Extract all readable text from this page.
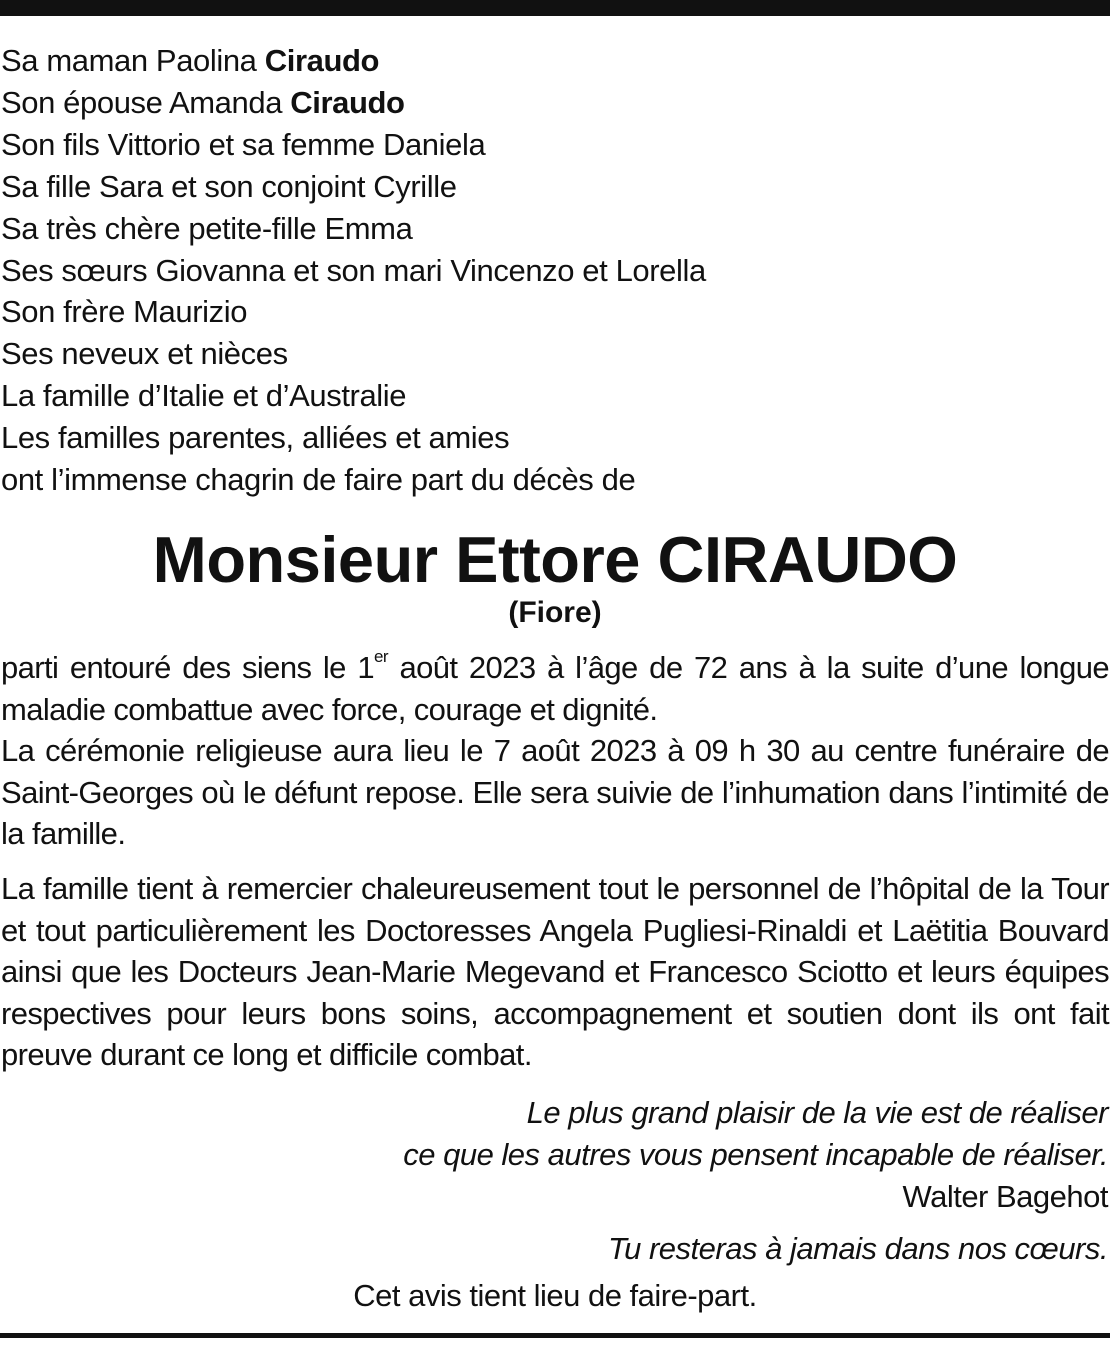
Sa maman Paolina Ciraudo
Son épouse Amanda Ciraudo
Son fils Vittorio et sa femme Daniela
Sa fille Sara et son conjoint Cyrille
Sa très chère petite-fille Emma
Ses sœurs Giovanna et son mari Vincenzo et Lorella
Son frère Maurizio
Ses neveux et nièces
La famille d’Italie et d’Australie
Les familles parentes, alliées et amies
ont l’immense chagrin de faire part du décès de
Monsieur Ettore CIRAUDO
(Fiore)
parti entouré des siens le 1er août 2023 à l’âge de 72 ans à la suite d’une longue maladie combattue avec force, courage et dignité.
La cérémonie religieuse aura lieu le 7 août 2023 à 09 h 30 au centre funéraire de Saint-Georges où le défunt repose. Elle sera suivie de l’inhumation dans l’intimité de la famille.
La famille tient à remercier chaleureusement tout le personnel de l’hôpital de la Tour et tout particulièrement les Doctoresses Angela Pugliesi-Rinaldi et Laëtitia Bouvard ainsi que les Docteurs Jean-Marie Megevand et Francesco Sciotto et leurs équipes respectives pour leurs bons soins, accompagnement et soutien dont ils ont fait preuve durant ce long et difficile combat.
Le plus grand plaisir de la vie est de réaliser
ce que les autres vous pensent incapable de réaliser.
Walter Bagehot
Tu resteras à jamais dans nos cœurs.
Cet avis tient lieu de faire-part.
